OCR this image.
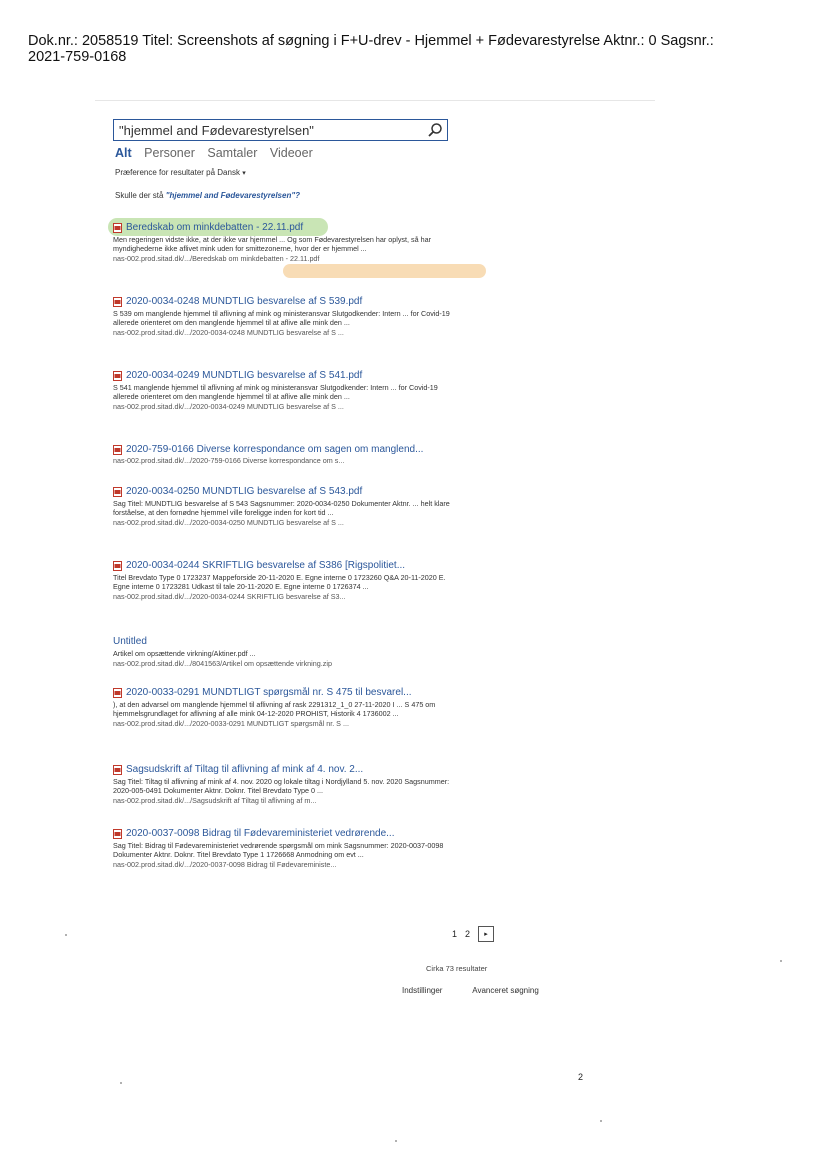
Dok.nr.: 2058519 Titel: Screenshots af søgning i F+U-drev - Hjemmel + Fødevarestyrelse Aktnr.: 0 Sagsnr.:
2021-759-0168
"hjemmel and Fødevarestyrelsen"
Alt Personer Samtaler Videoer
Præference for resultater på Dansk ▾
Skulle der stå "hjemmel and Fødevarestyrelsen"?
Beredskab om minkdebatten - 22.11.pdf
Men regeringen vidste ikke, at der ikke var hjemmel ... Og som Fødevarestyrelsen har oplyst, så har myndighederne ikke aflivet mink uden for smittezonerne, hvor der er hjemmel ...
nas-002.prod.sitad.dk/.../Beredskab om minkdebatten - 22.11.pdf
2020-0034-0248 MUNDTLIG besvarelse af S 539.pdf
S 539 om manglende hjemmel til aflivning af mink og ministeransvar Slutgodkender: Intern ... for Covid-19 allerede orienteret om den manglende hjemmel til at aflive alle mink den ...
nas-002.prod.sitad.dk/.../2020-0034-0248 MUNDTLIG besvarelse af S ...
2020-0034-0249 MUNDTLIG besvarelse af S 541.pdf
S 541 manglende hjemmel til aflivning af mink og ministeransvar Slutgodkender: Intern ... for Covid-19 allerede orienteret om den manglende hjemmel til at aflive alle mink den ...
nas-002.prod.sitad.dk/.../2020-0034-0249 MUNDTLIG besvarelse af S ...
2020-759-0166 Diverse korrespondance om sagen om manglend...
nas-002.prod.sitad.dk/.../2020-759-0166 Diverse korrespondance om s...
2020-0034-0250 MUNDTLIG besvarelse af S 543.pdf
Sag Titel: MUNDTLIG besvarelse af S 543 Sagsnummer: 2020-0034-0250 Dokumenter Aktnr. ... helt klare forståelse, at den fornødne hjemmel ville foreligge inden for kort tid ...
nas-002.prod.sitad.dk/.../2020-0034-0250 MUNDTLIG besvarelse af S ...
2020-0034-0244 SKRIFTLIG besvarelse af S386 [Rigspolitiet...
Titel Brevdato Type 0 1723237 Mappeforside 20-11-2020 E. Egne interne 0 1723260 Q&A 20-11-2020 E. Egne interne 0 1723281 Udkast til tale 20-11-2020 E. Egne interne 0 1726374 ...
nas-002.prod.sitad.dk/.../2020-0034-0244 SKRIFTLIG besvarelse af S3...
Untitled
Artikel om opsættende virkning/Aktiner.pdf ...
nas-002.prod.sitad.dk/.../8041563/Artikel om opsættende virkning.zip
2020-0033-0291 MUNDTLIGT spørgsmål nr. S 475 til besvarel...
), at den advarsel om manglende hjemmel til aflivning af rask 2291312_1_0 27-11-2020 I ... S 475 om hjemmelsgrundlaget for aflivning af alle mink 04-12-2020 PROHIST, Historik 4 1736002 ...
nas-002.prod.sitad.dk/.../2020-0033-0291 MUNDTLIGT spørgsmål nr. S ...
Sagsudskrift af Tiltag til aflivning af mink af 4. nov. 2...
Sag Titel: Tiltag til aflivning af mink af 4. nov. 2020 og lokale tiltag i Nordjylland 5. nov. 2020 Sagsnummer: 2020-005-0491 Dokumenter Aktnr. Doknr. Titel Brevdato Type 0 ...
nas-002.prod.sitad.dk/.../Sagsudskrift af Tiltag til aflivning af m...
2020-0037-0098 Bidrag til Fødevareministeriet vedrørende...
Sag Titel: Bidrag til Fødevareministeriet vedrørende spørgsmål om mink Sagsnummer: 2020-0037-0098 Dokumenter Aktnr. Doknr. Titel Brevdato Type 1 1726668 Anmodning om evt ...
nas-002.prod.sitad.dk/.../2020-0037-0098 Bidrag til Fødevareministe...
1 2	▸
Cirka 73 resultater
Indstillinger	Avanceret søgning
2
